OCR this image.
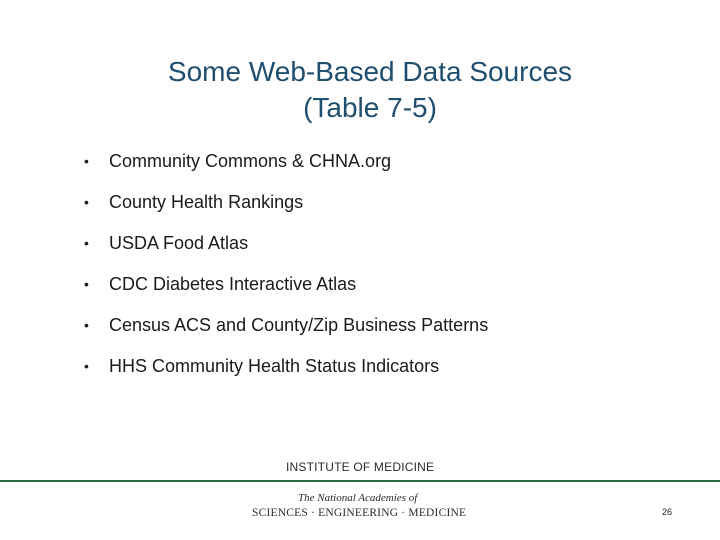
Some Web-Based Data Sources
(Table 7-5)
• Community Commons & CHNA.org
• County Health Rankings
• USDA Food Atlas
• CDC Diabetes Interactive Atlas
• Census ACS and County/Zip Business Patterns
• HHS Community Health Status Indicators
INSTITUTE OF MEDICINE
The National Academies of
SCIENCES · ENGINEERING · MEDICINE	26
